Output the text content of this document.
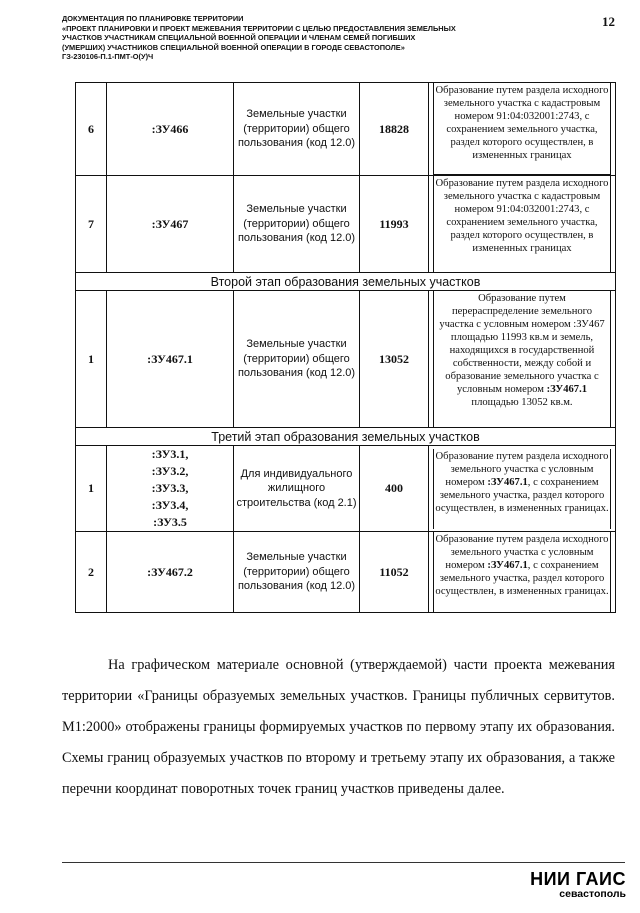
ДОКУМЕНТАЦИЯ ПО ПЛАНИРОВКЕ ТЕРРИТОРИИ
«ПРОЕКТ ПЛАНИРОВКИ И ПРОЕКТ МЕЖЕВАНИЯ ТЕРРИТОРИИ С ЦЕЛЬЮ ПРЕДОСТАВЛЕНИЯ ЗЕМЕЛЬНЫХ
УЧАСТКОВ УЧАСТНИКАМ СПЕЦИАЛЬНОЙ ВОЕННОЙ ОПЕРАЦИИ И ЧЛЕНАМ СЕМЕЙ ПОГИБШИХ
(УМЕРШИХ) УЧАСТНИКОВ СПЕЦИАЛЬНОЙ ВОЕННОЙ ОПЕРАЦИИ В ГОРОДЕ СЕВАСТОПОЛЕ»
ГЗ-230106-П.1-ПМТ-О(У)Ч
12
6	:ЗУ466	Земельные участки (территории) общего пользования (код 12.0)	18828	Образование путем раздела исходного земельного участка с кадастровым номером 91:04:032001:2743, с сохранением земельного участка, раздел которого осуществлен, в измененных границах

7	:ЗУ467	Земельные участки (территории) общего пользования (код 12.0)	11993	Образование путем раздела исходного земельного участка с кадастровым номером 91:04:032001:2743, с сохранением земельного участка, раздел которого осуществлен, в измененных границах

Второй этап образования земельных участков				
1	:ЗУ467.1	Земельные участки (территории) общего пользования (код 12.0)	13052	Образование путем перераспределение земельного участка с условным номером :ЗУ467 площадью 11993 кв.м и земель, находящихся в государственной собственности, между собой и образование земельного участка с условным номером :ЗУ467.1 площадью 13052 кв.м.

Третий этап образования земельных участков				
1	:ЗУ3.1,
:ЗУ3.2,
:ЗУ3.3,
:ЗУ3.4,
:ЗУ3.5	Для индивидуального жилищного строительства (код 2.1)	400	Образование путем раздела исходного земельного участка с условным номером :ЗУ467.1, с сохранением земельного участка, раздел которого осуществлен, в измененных границах.

2	:ЗУ467.2	Земельные участки (территории) общего пользования (код 12.0)	11052	Образование путем раздела исходного земельного участка с условным номером :ЗУ467.1, с сохранением земельного участка, раздел которого осуществлен, в измененных границах.

На графическом материале основной (утверждаемой) части проекта межевания территории «Границы образуемых земельных участков. Границы публичных сервитутов. М1:2000» отображены границы формируемых участков по первому этапу их образования. Схемы границ образуемых участков по второму и третьему этапу их образования, а также перечни координат поворотных точек границ участков приведены далее.

НИИ ГАИС
севастополь
